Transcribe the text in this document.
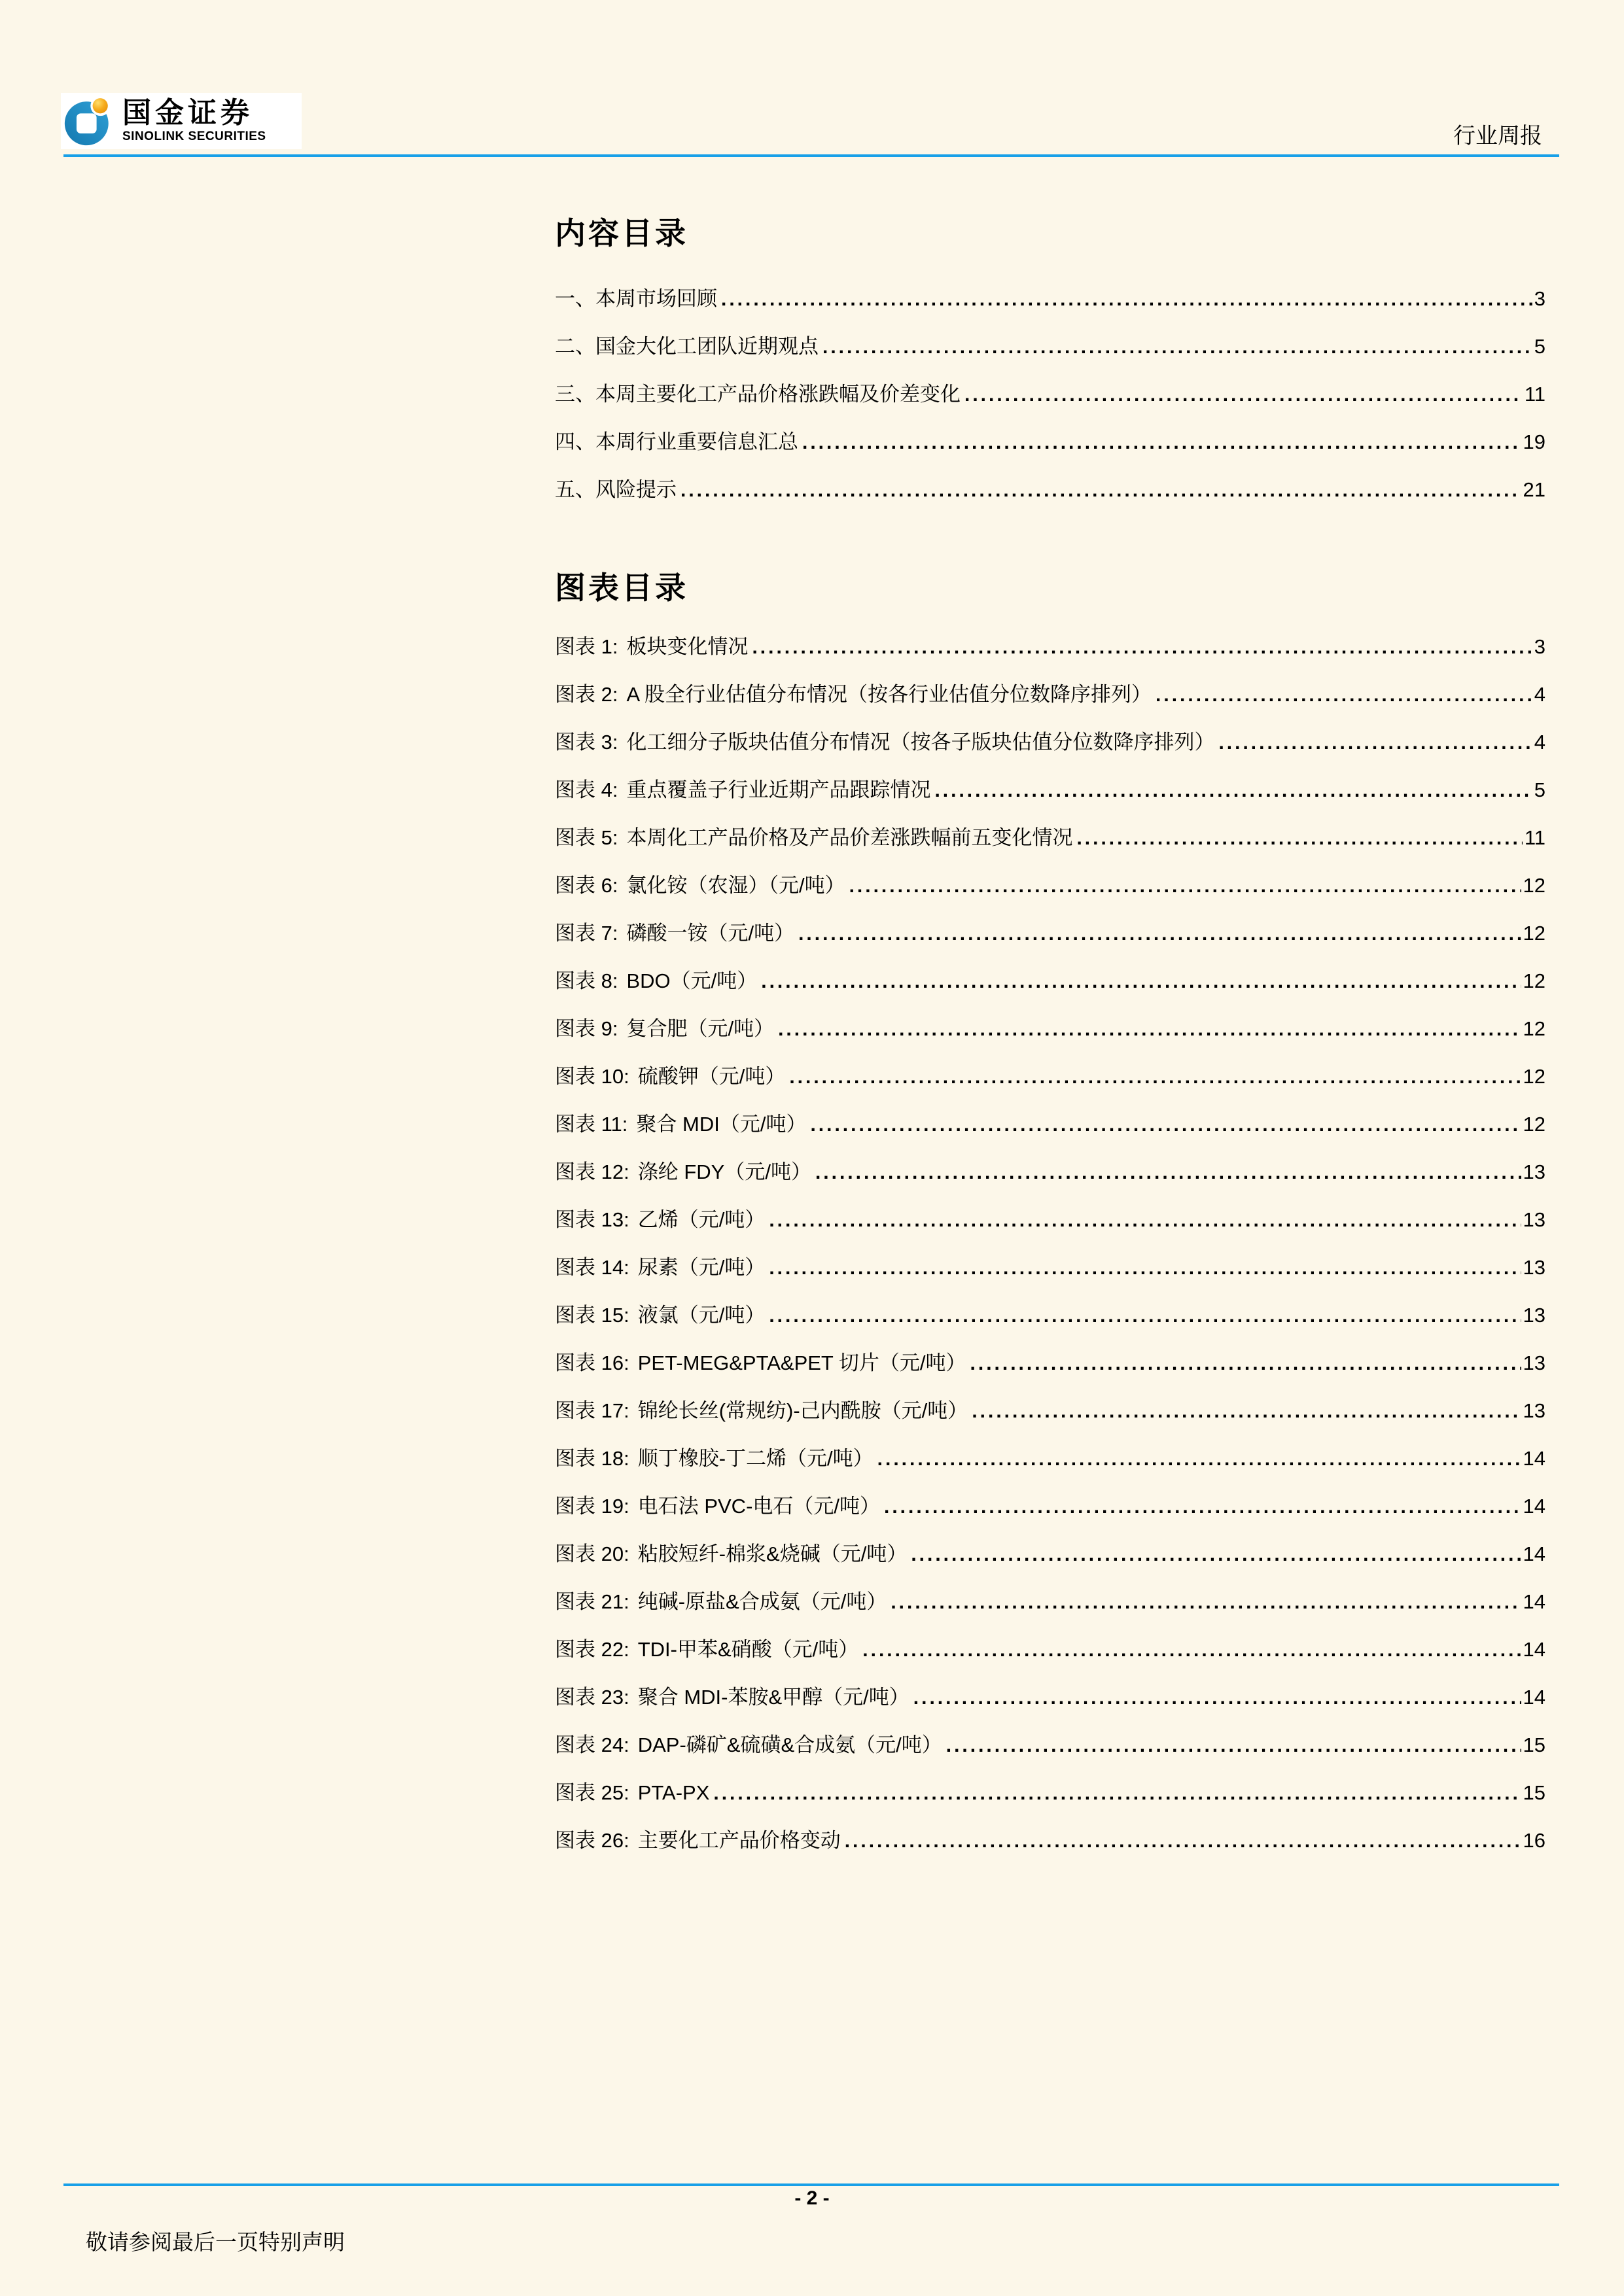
国金证券
SINOLINK SECURITIES	行业周报
内容目录
一、本周市场回顾 .....	3
二、国金大化工团队近期观点 .....	5
三、本周主要化工产品价格涨跌幅及价差变化 .....	11
四、本周行业重要信息汇总 .....	19
五、风险提示 .....	21
图表目录
图表 1: 板块变化情况 .....	3
图表 2: A 股全行业估值分布情况（按各行业估值分位数降序排列） .....	4
图表 3: 化工细分子版块估值分布情况（按各子版块估值分位数降序排列） .....	4
图表 4: 重点覆盖子行业近期产品跟踪情况 .....	5
图表 5: 本周化工产品价格及产品价差涨跌幅前五变化情况 .....	11
图表 6: 氯化铵（农湿）（元/吨） .....	12
图表 7: 磷酸一铵（元/吨） .....	12
图表 8: BDO（元/吨） .....	12
图表 9: 复合肥（元/吨） .....	12
图表 10: 硫酸钾（元/吨） .....	12
图表 11: 聚合 MDI（元/吨） .....	12
图表 12: 涤纶 FDY（元/吨） .....	13
图表 13: 乙烯（元/吨） .....	13
图表 14: 尿素（元/吨） .....	13
图表 15: 液氯（元/吨） .....	13
图表 16: PET-MEG&PTA&PET 切片（元/吨） .....	13
图表 17: 锦纶长丝(常规纺)-己内酰胺（元/吨） .....	13
图表 18: 顺丁橡胶-丁二烯（元/吨） .....	14
图表 19: 电石法 PVC-电石（元/吨） .....	14
图表 20: 粘胶短纤-棉浆&烧碱（元/吨） .....	14
图表 21: 纯碱-原盐&合成氨（元/吨） .....	14
图表 22: TDI-甲苯&硝酸（元/吨） .....	14
图表 23: 聚合 MDI-苯胺&甲醇（元/吨） .....	14
图表 24: DAP-磷矿&硫磺&合成氨（元/吨） .....	15
图表 25: PTA-PX .....	15
图表 26: 主要化工产品价格变动 .....	16
- 2 -
敬请参阅最后一页特别声明
